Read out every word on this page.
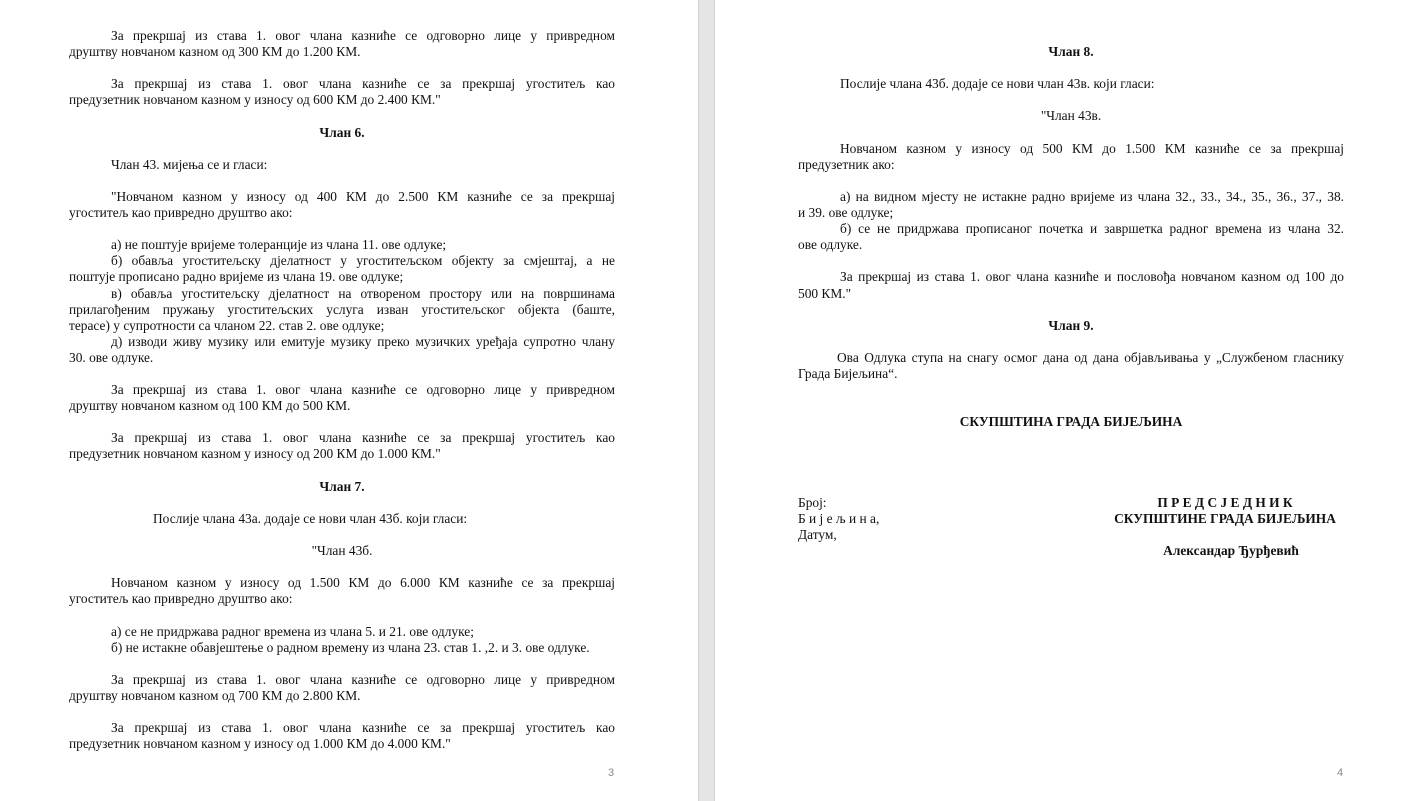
За прекршај из става 1. овог члана казниће се одговорно лице у привредном
друштву новчаном казном од 300 КМ до 1.200 КМ.
За прекршај из става 1. овог члана казниће се за прекршај угоститељ као
предузетник новчаном казном у износу од 600 КМ до 2.400 КМ."
Члан 6.
Члан 43. мијења се и гласи:
"Новчаном казном у износу од 400 КМ до 2.500 КМ казниће се за прекршај
угоститељ као привредно друштво ако:
а) не поштује вријеме толеранције из члана 11. ове одлуке;
б) обавља угоститељску дјелатност у угоститељском објекту за смјештај, а не
поштује прописано радно вријеме из члана 19. ове одлуке;
в) обавља угоститељску дјелатност на отвореном простору или на површинама
прилагођеним пружању угоститељских услуга изван угоститељског објекта (баште,
терасе) у супротности са чланом 22. став 2. ове одлуке;
д) изводи живу музику или емитује музику преко музичких уређаја супротно члану
30. ове одлуке.
За прекршај из става 1. овог члана казниће се одговорно лице у привредном
друштву новчаном казном од 100 КМ до 500 КМ.
За прекршај из става 1. овог члана казниће се за прекршај угоститељ као
предузетник новчаном казном у износу од 200 КМ до 1.000 КМ."
Члан 7.
Послије члана 43а. додаје се нови члан 43б. који гласи:
"Члан 43б.
Новчаном казном у износу од 1.500 КМ до 6.000 КМ казниће се за прекршај
угоститељ као привредно друштво ако:
а) се не придржава радног времена из члана 5. и 21. ове одлуке;
б) не истакне обавјештење о радном времену из члана 23. став 1. ,2. и 3. ове одлуке.
За прекршај из става 1. овог члана казниће се одговорно лице у привредном
друштву новчаном казном од 700 КМ до 2.800 КМ.
За прекршај из става 1. овог члана казниће се за прекршај угоститељ као
предузетник новчаном казном у износу од 1.000 КМ до 4.000 КМ."
3
Члан 8.
Послије члана 43б. додаје се нови члан 43в. који гласи:
"Члан 43в.
Новчаном казном у износу од 500 КМ до 1.500 КМ казниће се за прекршај
предузетник ако:
а) на видном мјесту не истакне радно вријеме из члана 32., 33., 34., 35., 36., 37., 38.
и 39. ове одлуке;
б) се не придржава прописаног почетка и завршетка радног времена из члана 32.
ове одлуке.
За прекршај из става 1. овог члана казниће и пословођа новчаном казном од 100 до
500 КМ."
Члан 9.
Ова Одлука ступа на снагу осмог дана од дана објављивања у „Службеном гласнику
Града Бијељина“.
СКУПШТИНА ГРАДА БИЈЕЉИНА
Број:
Б и ј е љ и н а,
Датум,
П Р Е Д С Ј Е Д Н И К
СКУПШТИНЕ ГРАДА БИЈЕЉИНА
Александар Ђурђевић
4
